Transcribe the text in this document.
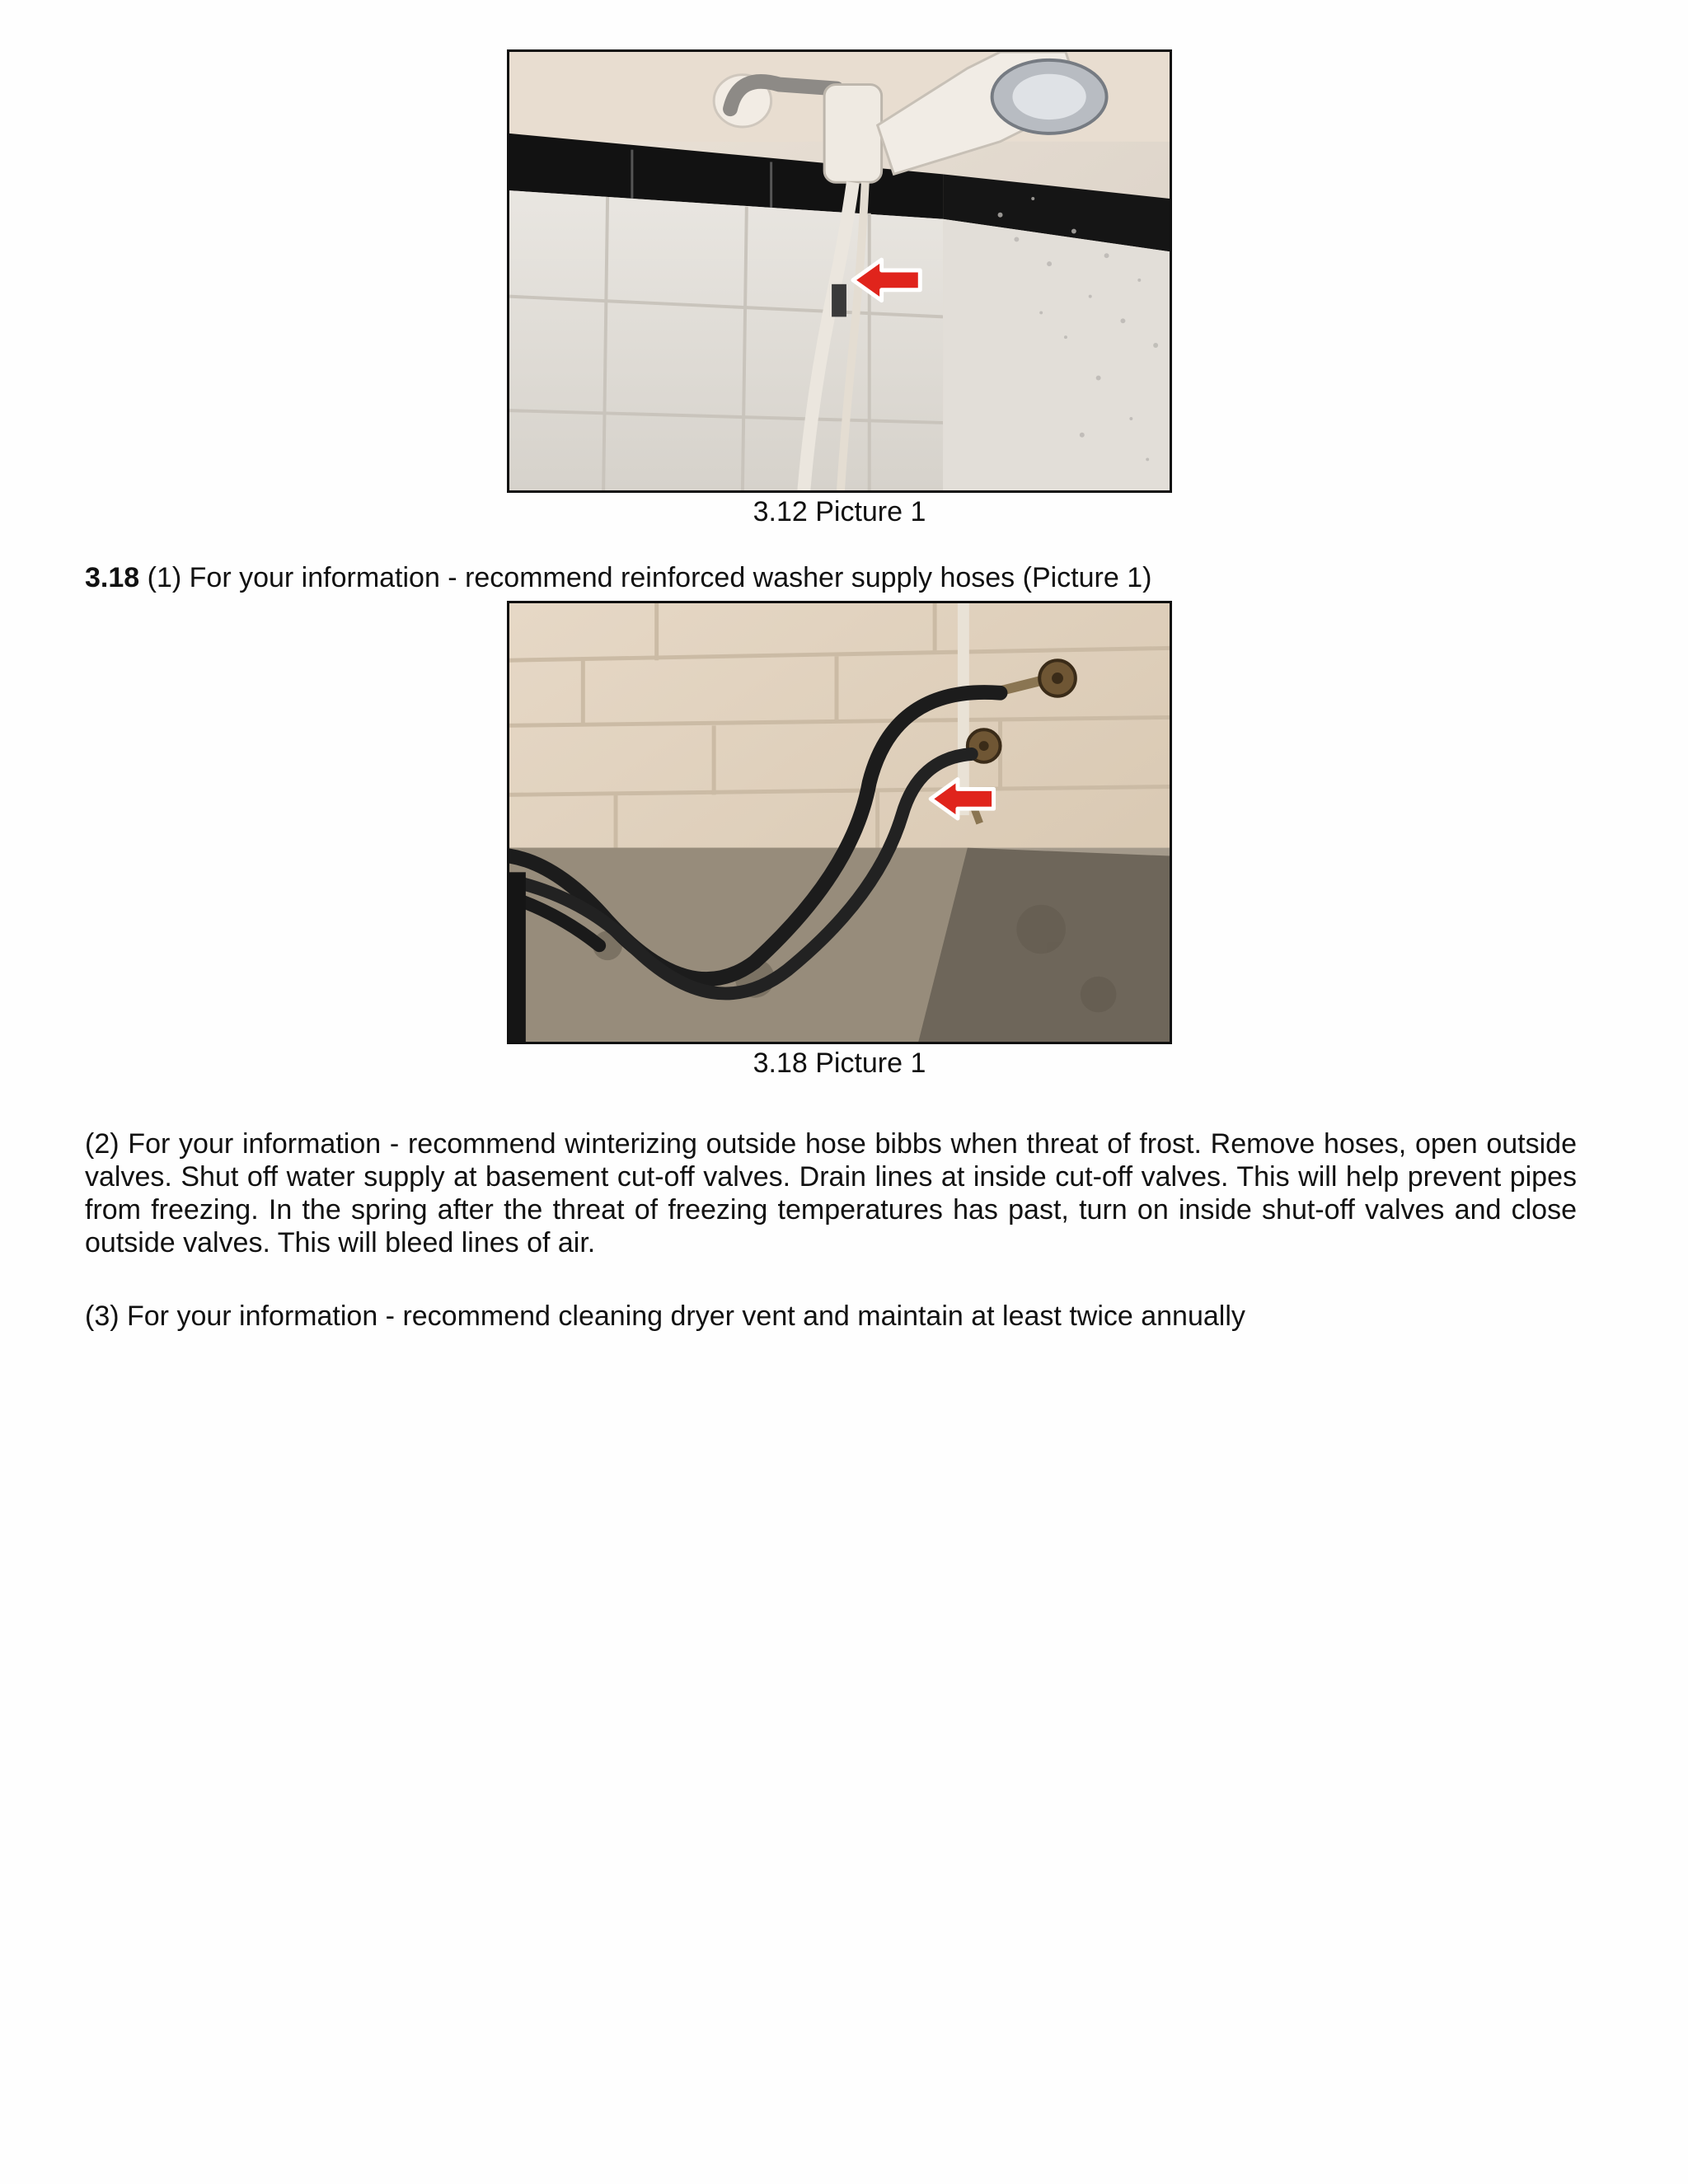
3.12 Picture 1

3.18 (1) For your information - recommend reinforced washer supply hoses (Picture 1)

3.18 Picture 1

(2) For your information - recommend winterizing outside hose bibbs when threat of frost. Remove hoses, open outside valves. Shut off water supply at basement cut-off valves. Drain lines at inside cut-off valves. This will help prevent pipes from freezing. In the spring after the threat of freezing temperatures has past, turn on inside shut-off valves and close outside valves. This will bleed lines of air.

(3) For your information - recommend cleaning dryer vent and maintain at least twice annually
